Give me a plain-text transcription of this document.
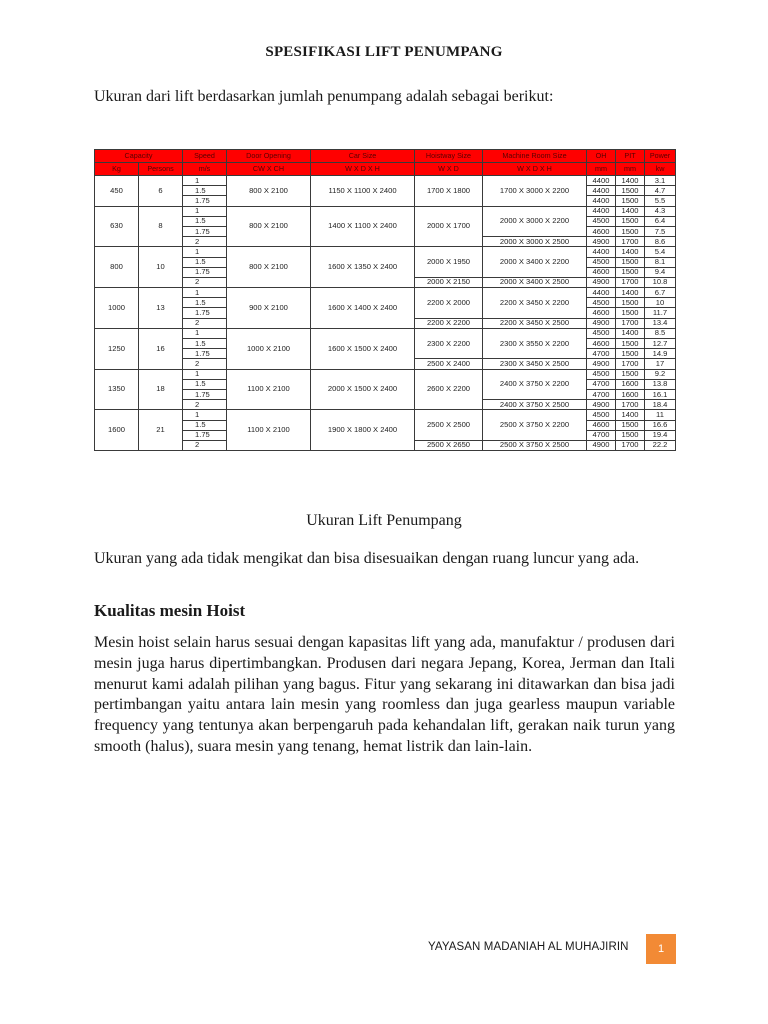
SPESIFIKASI LIFT PENUMPANG
Ukuran dari lift berdasarkan jumlah penumpang adalah sebagai berikut:
Capacity		Speed	Door Opening	Car Size	Hoistway Size	Machine Room Size	OH	PIT	Power
Kg	Persons	m/s	CW X CH	W X D X H	W X D	W X D X H	mm	mm	kw
450	6	1	800 X 2100	1150 X 1100 X 2400	1700 X 1800	1700 X 3000 X 2200	4400	1400	3.1
		1.5					4400	1500	4.7
		1.75					4400	1500	5.5
630	8	1	800 X 2100	1400 X 1100 X 2400	2000 X 1700	2000 X 3000 X 2200	4400	1400	4.3
		1.5					4500	1500	6.4
		1.75					4600	1500	7.5
		2				2000 X 3000 X 2500	4900	1700	8.6
800	10	1	800 X 2100	1600 X 1350 X 2400	2000 X 1950	2000 X 3400 X 2200	4400	1400	5.4
		1.5					4500	1500	8.1
		1.75					4600	1500	9.4
		2			2000 X 2150	2000 X 3400 X 2500	4900	1700	10.8
1000	13	1	900 X 2100	1600 X 1400 X 2400	2200 X 2000	2200 X 3450 X 2200	4400	1400	6.7
		1.5					4500	1500	10
		1.75					4600	1500	11.7
		2			2200 X 2200	2200 X 3450 X 2500	4900	1700	13.4
1250	16	1	1000 X 2100	1600 X 1500 X 2400	2300 X 2200	2300 X 3550 X 2200	4500	1400	8.5
		1.5					4600	1500	12.7
		1.75					4700	1500	14.9
		2			2500 X 2400	2300 X 3450 X 2500	4900	1700	17
1350	18	1	1100 X 2100	2000 X 1500 X 2400	2600 X 2200	2400 X 3750 X 2200	4500	1500	9.2
		1.5					4700	1600	13.8
		1.75					4700	1600	16.1
		2				2400 X 3750 X 2500	4900	1700	18.4
1600	21	1	1100 X 2100	1900 X 1800 X 2400	2500 X 2500	2500 X 3750 X 2200	4500	1400	11
		1.5					4600	1500	16.6
		1.75					4700	1500	19.4
		2			2500 X 2650	2500 X 3750 X 2500	4900	1700	22.2
Ukuran Lift Penumpang
Ukuran yang ada tidak mengikat dan bisa disesuaikan dengan ruang luncur yang ada.
Kualitas mesin Hoist
Mesin hoist selain harus sesuai dengan kapasitas lift yang ada, manufaktur / produsen dari mesin juga harus dipertimbangkan. Produsen dari negara Jepang, Korea, Jerman dan Itali menurut kami adalah pilihan yang bagus. Fitur yang sekarang ini ditawarkan dan bisa jadi pertimbangan yaitu antara lain mesin yang roomless dan juga gearless maupun variable frequency yang tentunya akan berpengaruh pada kehandalan lift, gerakan naik turun yang smooth (halus), suara mesin yang tenang, hemat listrik dan lain-lain.
YAYASAN MADANIAH AL MUHAJIRIN	1
